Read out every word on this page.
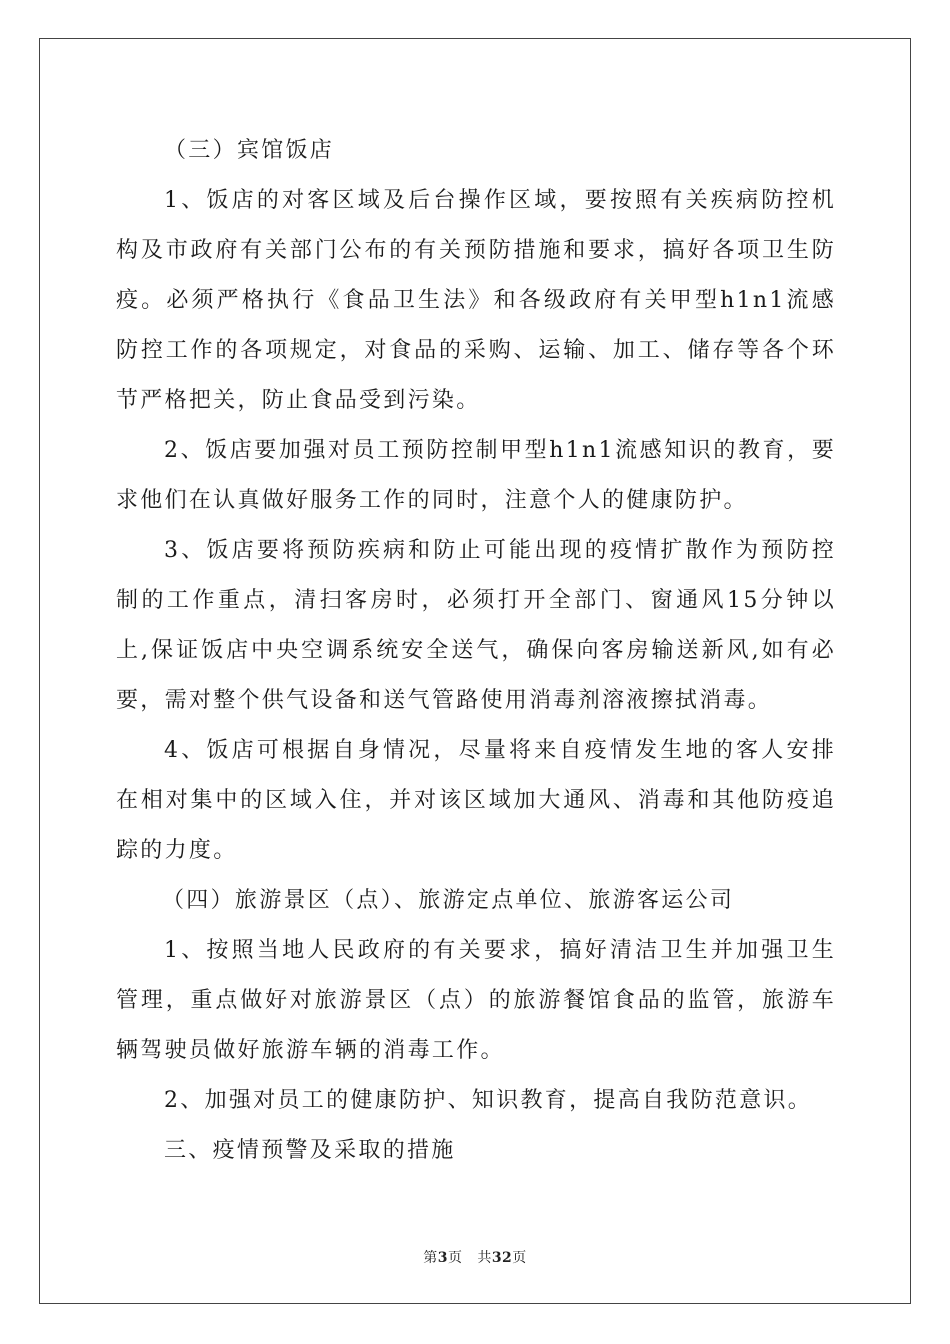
（三）宾馆饭店

1、饭店的对客区域及后台操作区域，要按照有关疾病防控机构及市政府有关部门公布的有关预防措施和要求，搞好各项卫生防疫。必须严格执行《食品卫生法》和各级政府有关甲型h1n1流感防控工作的各项规定，对食品的采购、运输、加工、储存等各个环节严格把关，防止食品受到污染。

2、饭店要加强对员工预防控制甲型h1n1流感知识的教育，要求他们在认真做好服务工作的同时，注意个人的健康防护。

3、饭店要将预防疾病和防止可能出现的疫情扩散作为预防控制的工作重点，清扫客房时，必须打开全部门、窗通风15分钟以上,保证饭店中央空调系统安全送气，确保向客房输送新风,如有必要，需对整个供气设备和送气管路使用消毒剂溶液擦拭消毒。

4、饭店可根据自身情况，尽量将来自疫情发生地的客人安排在相对集中的区域入住，并对该区域加大通风、消毒和其他防疫追踪的力度。

（四）旅游景区（点）、旅游定点单位、旅游客运公司

1、按照当地人民政府的有关要求，搞好清洁卫生并加强卫生管理，重点做好对旅游景区（点）的旅游餐馆食品的监管，旅游车辆驾驶员做好旅游车辆的消毒工作。

2、加强对员工的健康防护、知识教育，提高自我防范意识。

三、疫情预警及采取的措施

第3页 共32页
